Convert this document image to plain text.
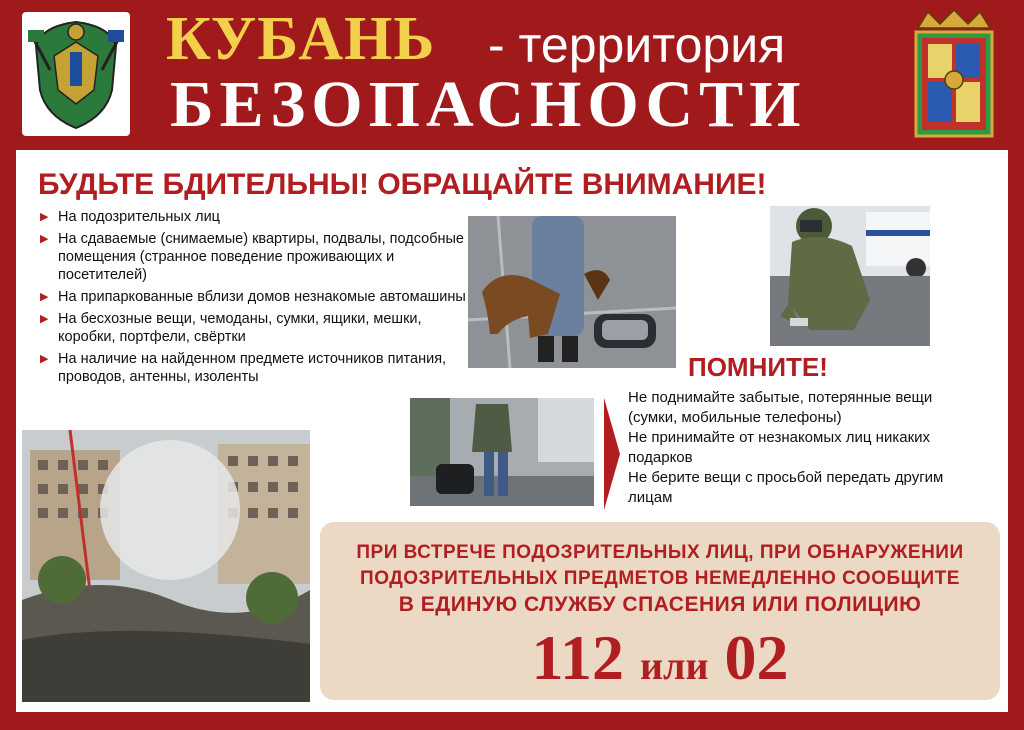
КУБАНЬ - территория
БЕЗОПАСНОСТИ
БУДЬТЕ БДИТЕЛЬНЫ! ОБРАЩАЙТЕ ВНИМАНИЕ!
▶ На подозрительных лиц
▶ На сдаваемые (снимаемые) квартиры, подвалы, подсобные помещения (странное поведение проживающих и посетителей)
▶ На припаркованные вблизи домов незнакомые автомашины
▶ На бесхозные вещи, чемоданы, сумки, ящики, мешки, коробки, портфели, свёртки
▶ На наличие на найденном предмете источников питания, проводов, антенны, изоленты	ПОМНИТЕ!

Не поднимайте забытые, потерянные вещи (сумки, мобильные телефоны)

Не принимайте от незнакомых лиц никаких подарков

Не берите вещи с просьбой передать другим лицам

ПРИ ВСТРЕЧЕ ПОДОЗРИТЕЛЬНЫХ ЛИЦ, ПРИ ОБНАРУЖЕНИИ
ПОДОЗРИТЕЛЬНЫХ ПРЕДМЕТОВ НЕМЕДЛЕННО СООБЩИТЕ
В ЕДИНУЮ СЛУЖБУ СПАСЕНИЯ ИЛИ ПОЛИЦИЮ
112 или 02
